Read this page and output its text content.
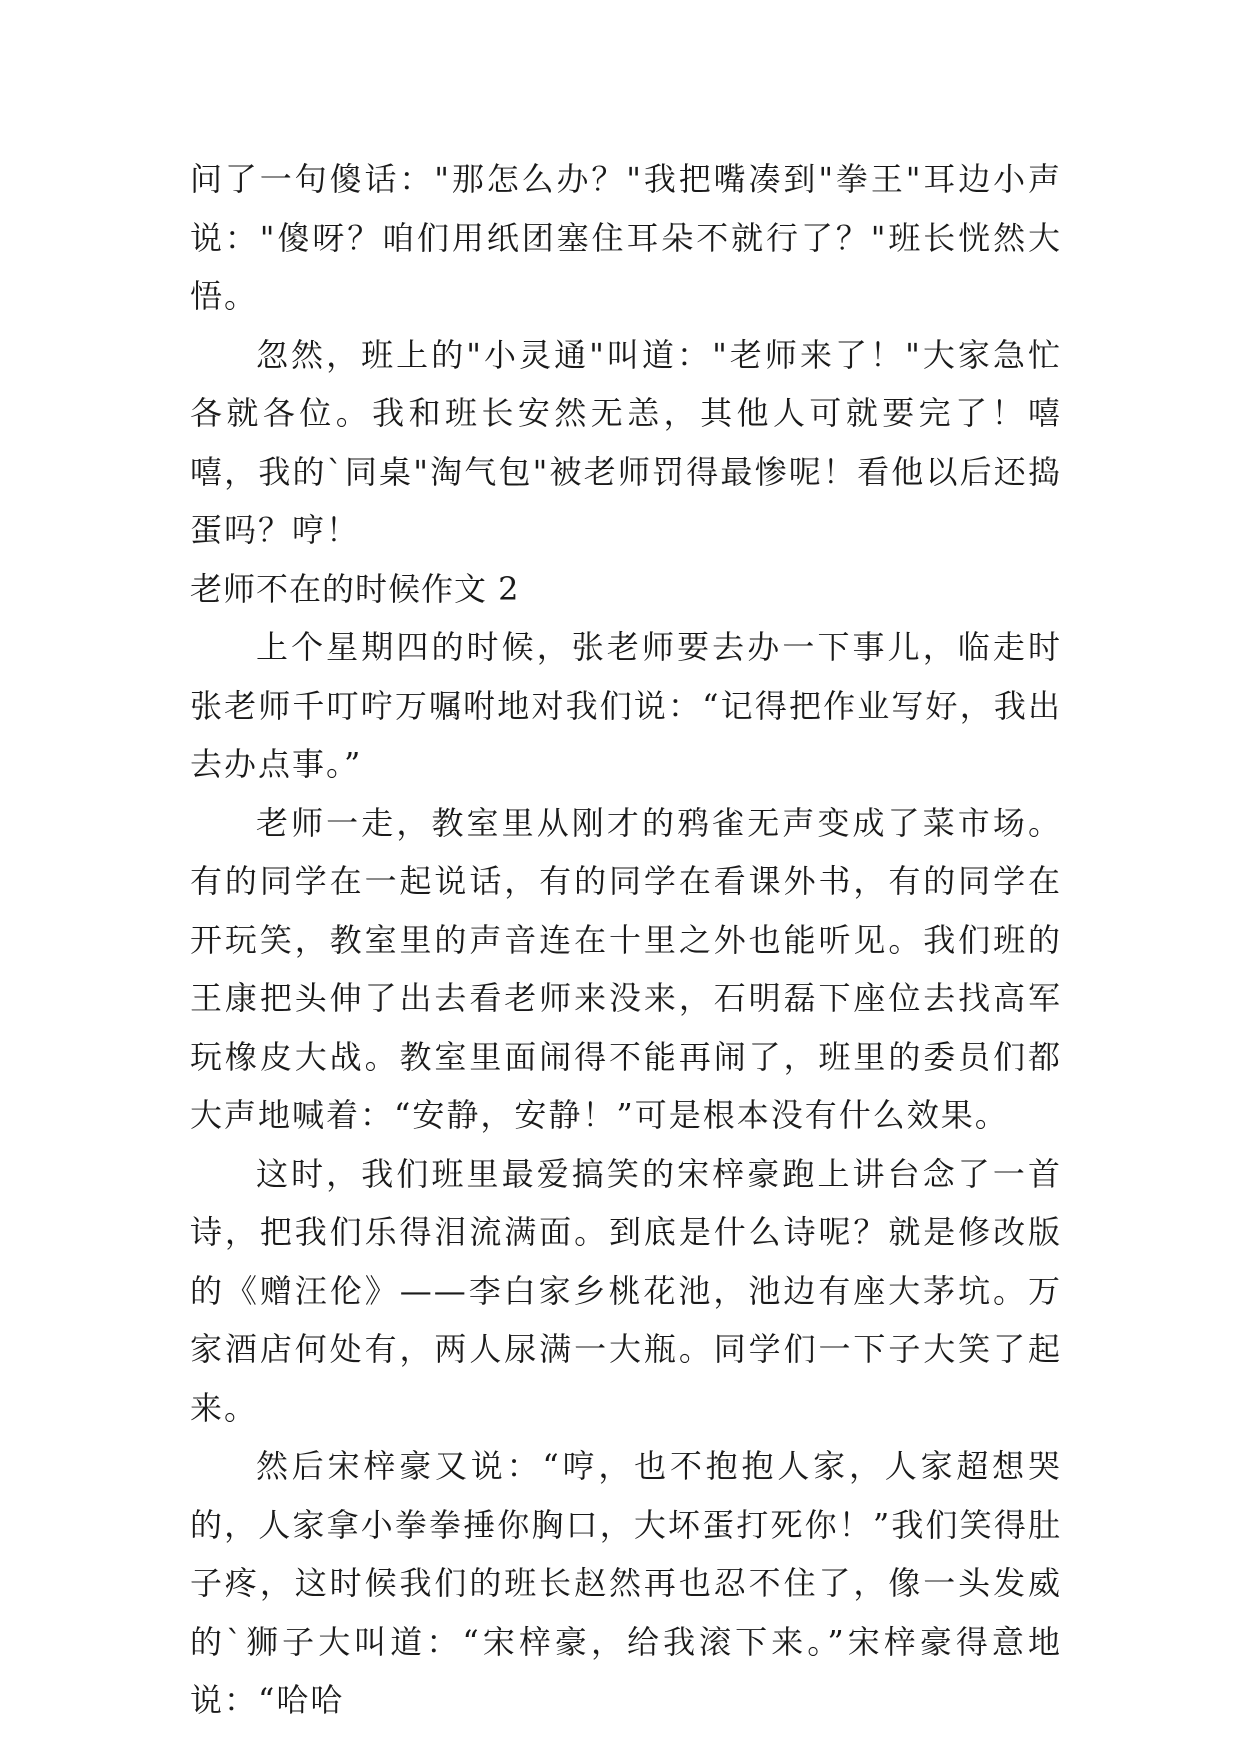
问了一句傻话："那怎么办？"我把嘴凑到"拳王"耳边小声说："傻呀？咱们用纸团塞住耳朵不就行了？"班长恍然大悟。

忽然，班上的"小灵通"叫道："老师来了！"大家急忙各就各位。我和班长安然无恙，其他人可就要完了！嘻嘻，我的`同桌"淘气包"被老师罚得最惨呢！看他以后还捣蛋吗？哼！

老师不在的时候作文 2

上个星期四的时候，张老师要去办一下事儿，临走时张老师千叮咛万嘱咐地对我们说：“记得把作业写好，我出去办点事。”

老师一走，教室里从刚才的鸦雀无声变成了菜市场。有的同学在一起说话，有的同学在看课外书，有的同学在开玩笑，教室里的声音连在十里之外也能听见。我们班的王康把头伸了出去看老师来没来，石明磊下座位去找高军玩橡皮大战。教室里面闹得不能再闹了，班里的委员们都大声地喊着：“安静，安静！”可是根本没有什么效果。

这时，我们班里最爱搞笑的宋梓豪跑上讲台念了一首诗，把我们乐得泪流满面。到底是什么诗呢？就是修改版的《赠汪伦》——李白家乡桃花池，池边有座大茅坑。万家酒店何处有，两人尿满一大瓶。同学们一下子大笑了起来。

然后宋梓豪又说：“哼，也不抱抱人家，人家超想哭的，人家拿小拳拳捶你胸口，大坏蛋打死你！”我们笑得肚子疼，这时候我们的班长赵然再也忍不住了，像一头发威的`狮子大叫道：“宋梓豪，给我滚下来。”宋梓豪得意地说：“哈哈
